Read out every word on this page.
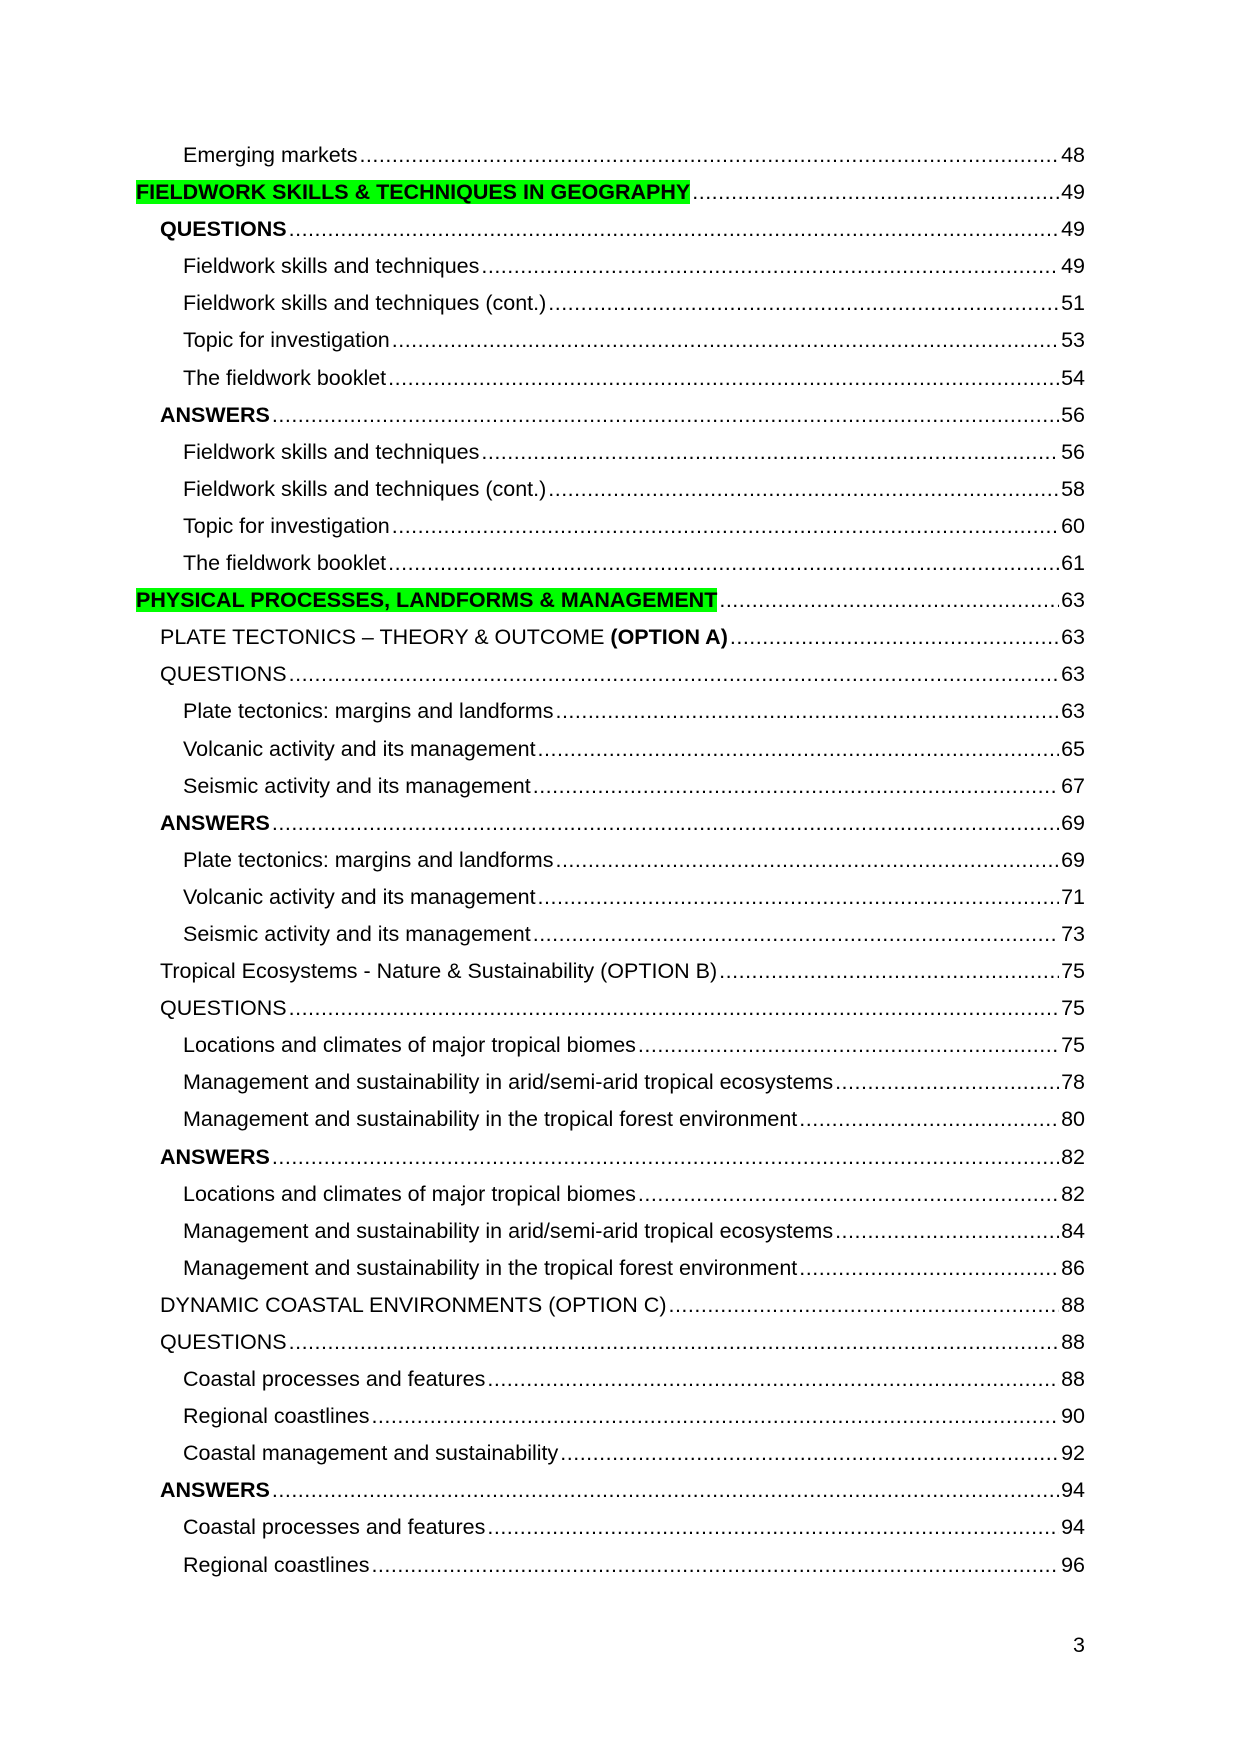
Emerging markets .....	48
FIELDWORK SKILLS & TECHNIQUES IN GEOGRAPHY .....	49
QUESTIONS .....	49
Fieldwork skills and techniques .....	49
Fieldwork skills and techniques (cont.) .....	51
Topic for investigation .....	53
The fieldwork booklet .....	54
ANSWERS .....	56
Fieldwork skills and techniques .....	56
Fieldwork skills and techniques (cont.) .....	58
Topic for investigation .....	60
The fieldwork booklet .....	61
PHYSICAL PROCESSES, LANDFORMS & MANAGEMENT .....	63
PLATE TECTONICS – THEORY & OUTCOME (OPTION A) .....	63
QUESTIONS .....	63
Plate tectonics: margins and landforms .....	63
Volcanic activity and its management .....	65
Seismic activity and its management .....	67
ANSWERS .....	69
Plate tectonics: margins and landforms .....	69
Volcanic activity and its management .....	71
Seismic activity and its management .....	73
Tropical Ecosystems - Nature & Sustainability (OPTION B) .....	75
QUESTIONS .....	75
Locations and climates of major tropical biomes .....	75
Management and sustainability in arid/semi-arid tropical ecosystems .....	78
Management and sustainability in the tropical forest environment .....	80
ANSWERS .....	82
Locations and climates of major tropical biomes .....	82
Management and sustainability in arid/semi-arid tropical ecosystems .....	84
Management and sustainability in the tropical forest environment .....	86
DYNAMIC COASTAL ENVIRONMENTS (OPTION C) .....	88
QUESTIONS .....	88
Coastal processes and features .....	88
Regional coastlines .....	90
Coastal management and sustainability .....	92
ANSWERS .....	94
Coastal processes and features .....	94
Regional coastlines .....	96
3
